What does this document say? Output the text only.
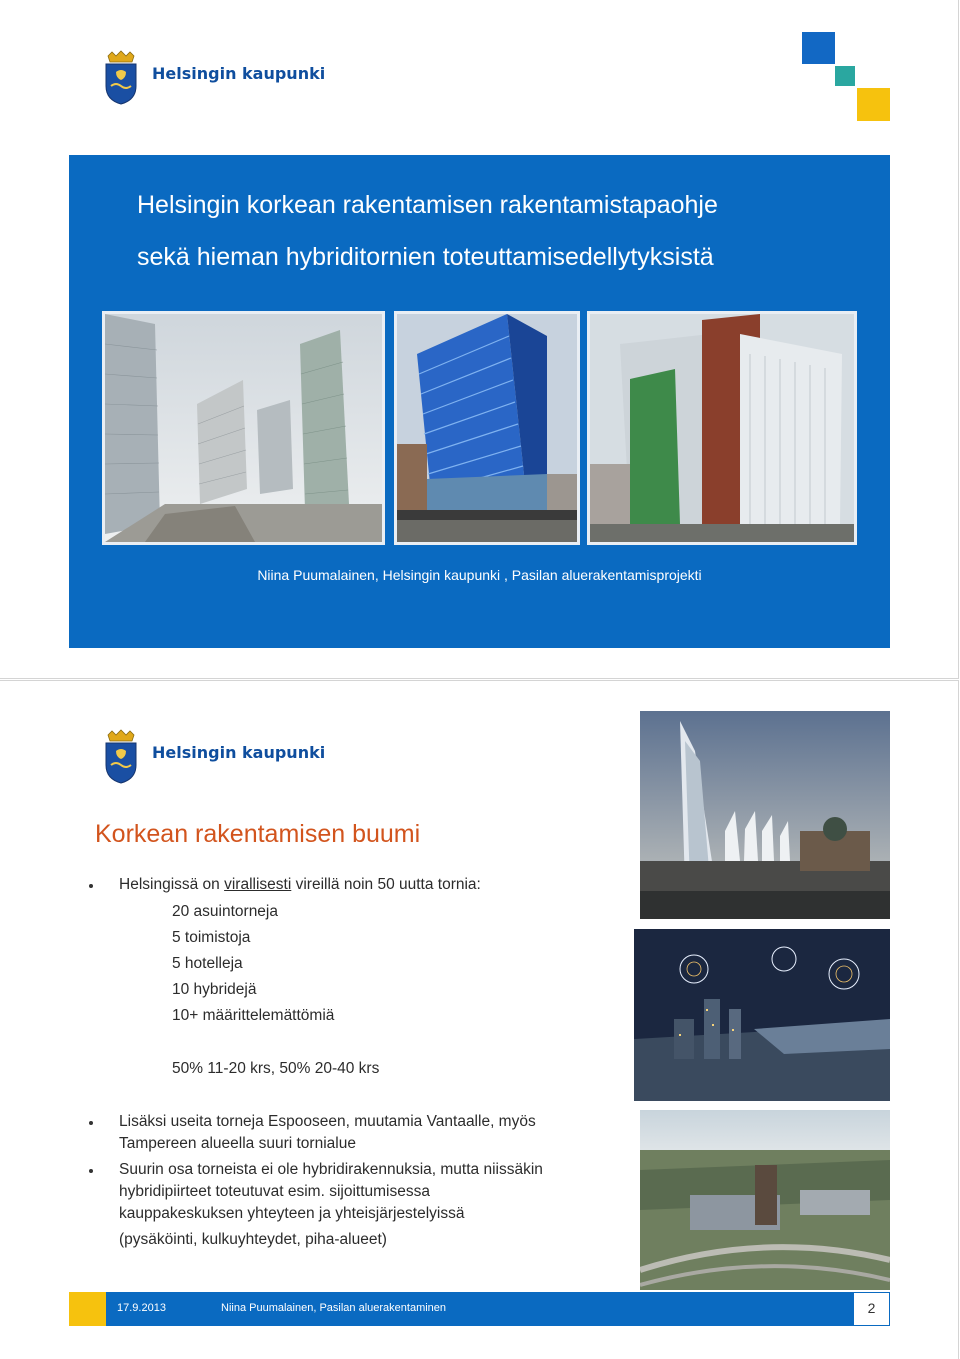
Helsingin kaupunki
Helsingin korkean rakentamisen rakentamistapaohje
sekä hieman hybriditornien toteuttamisedellytyksistä
Niina Puumalainen, Helsingin kaupunki , Pasilan aluerakentamisprojekti
Helsingin kaupunki
Korkean rakentamisen buumi
Helsingissä on virallisesti vireillä noin 50 uutta tornia:
20 asuintorneja
5 toimistoja
5 hotelleja
10 hybridejä
10+ määrittelemättömiä
50% 11-20 krs, 50% 20-40 krs
Lisäksi useita torneja Espooseen, muutamia Vantaalle, myös
Tampereen alueella suuri tornialue
Suurin osa torneista ei ole hybridirakennuksia, mutta niissäkin
hybridipiirteet toteutuvat esim. sijoittumisessa
kauppakeskuksen yhteyteen ja yhteisjärjestelyissä
(pysäköinti, kulkuyhteydet, piha-alueet)
17.9.2013	Niina Puumalainen, Pasilan aluerakentaminen	2
